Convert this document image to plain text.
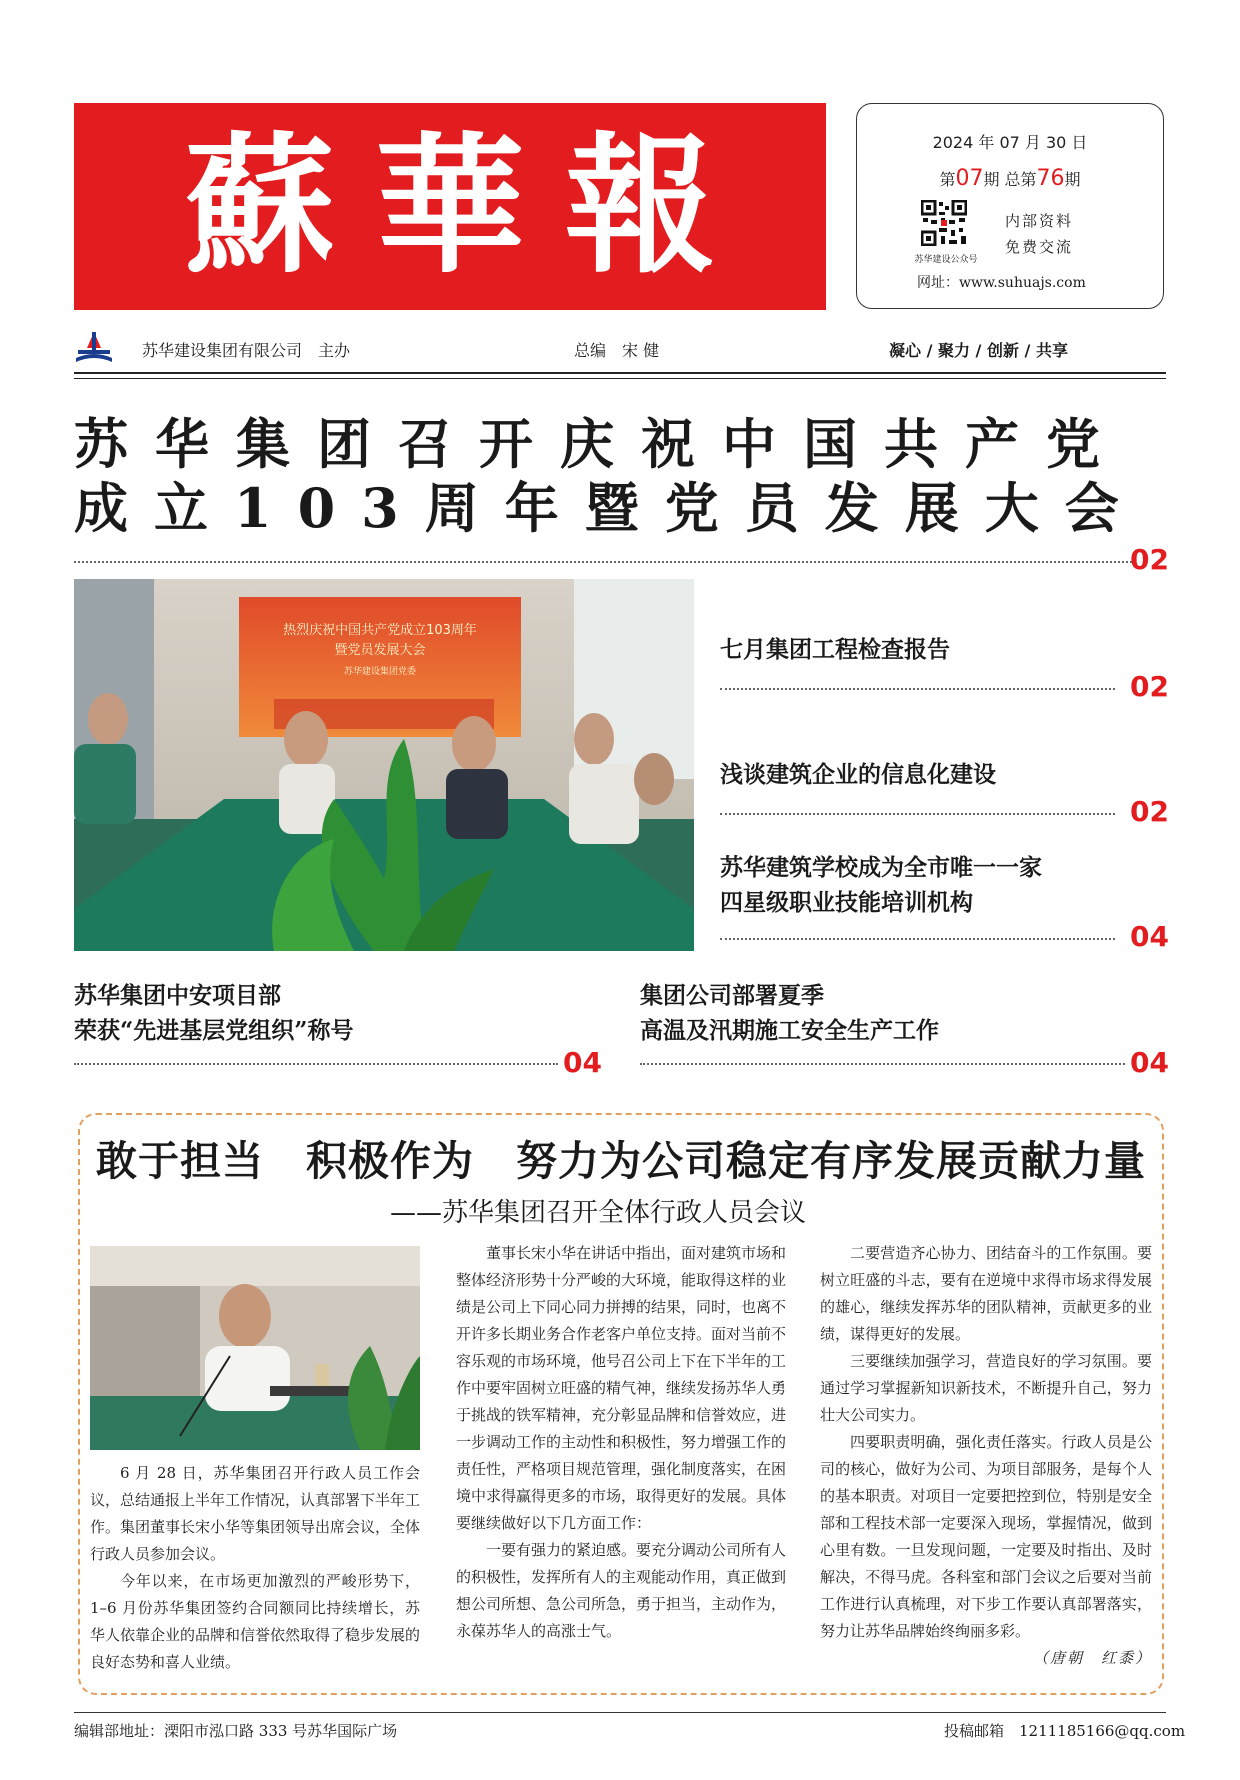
蘇華報	2024 年 07 月 30 日
第07期 总第76期
苏华建设公众号
内部资料
免费交流
网址：www.suhuajs.com
苏华建设集团有限公司　主办	总编　宋 健	凝心 / 聚力 / 创新 / 共享
苏华集团召开庆祝中国共产党
成立103周年暨党员发展大会
02
热烈庆祝中国共产党成立103周年
暨党员发展大会
苏华建设集团党委
七月集团工程检查报告
02
浅谈建筑企业的信息化建设
02
苏华建筑学校成为全市唯一一家
四星级职业技能培训机构
04
苏华集团中安项目部
荣获“先进基层党组织”称号
04
集团公司部署夏季
高温及汛期施工安全生产工作
04
敢于担当　积极作为　努力为公司稳定有序发展贡献力量
——苏华集团召开全体行政人员会议

6 月 28 日，苏华集团召开行政人员工作会议，总结通报上半年工作情况，认真部署下半年工作。集团董事长宋小华等集团领导出席会议，全体行政人员参加会议。

今年以来，在市场更加激烈的严峻形势下，1–6 月份苏华集团签约合同额同比持续增长，苏华人依靠企业的品牌和信誉依然取得了稳步发展的良好态势和喜人业绩。

董事长宋小华在讲话中指出，面对建筑市场和整体经济形势十分严峻的大环境，能取得这样的业绩是公司上下同心同力拼搏的结果，同时，也离不开许多长期业务合作老客户单位支持。面对当前不容乐观的市场环境，他号召公司上下在下半年的工作中要牢固树立旺盛的精气神，继续发扬苏华人勇于挑战的铁军精神，充分彰显品牌和信誉效应，进一步调动工作的主动性和积极性，努力增强工作的责任性，严格项目规范管理，强化制度落实，在困境中求得赢得更多的市场，取得更好的发展。具体要继续做好以下几方面工作：

一要有强力的紧迫感。要充分调动公司所有人的积极性，发挥所有人的主观能动作用，真正做到想公司所想、急公司所急，勇于担当，主动作为，永葆苏华人的高涨士气。

二要营造齐心协力、团结奋斗的工作氛围。要树立旺盛的斗志，要有在逆境中求得市场求得发展的雄心，继续发挥苏华的团队精神，贡献更多的业绩，谋得更好的发展。

三要继续加强学习，营造良好的学习氛围。要通过学习掌握新知识新技术，不断提升自己，努力壮大公司实力。

四要职责明确，强化责任落实。行政人员是公司的核心，做好为公司、为项目部服务，是每个人的基本职责。对项目一定要把控到位，特别是安全部和工程技术部一定要深入现场，掌握情况，做到心里有数。一旦发现问题，一定要及时指出、及时解决，不得马虎。各科室和部门会议之后要对当前工作进行认真梳理，对下步工作要认真部署落实，努力让苏华品牌始终绚丽多彩。

（唐朝　红黍）
编辑部地址：溧阳市泓口路 333 号苏华国际广场	投稿邮箱　1211185166@qq.com
